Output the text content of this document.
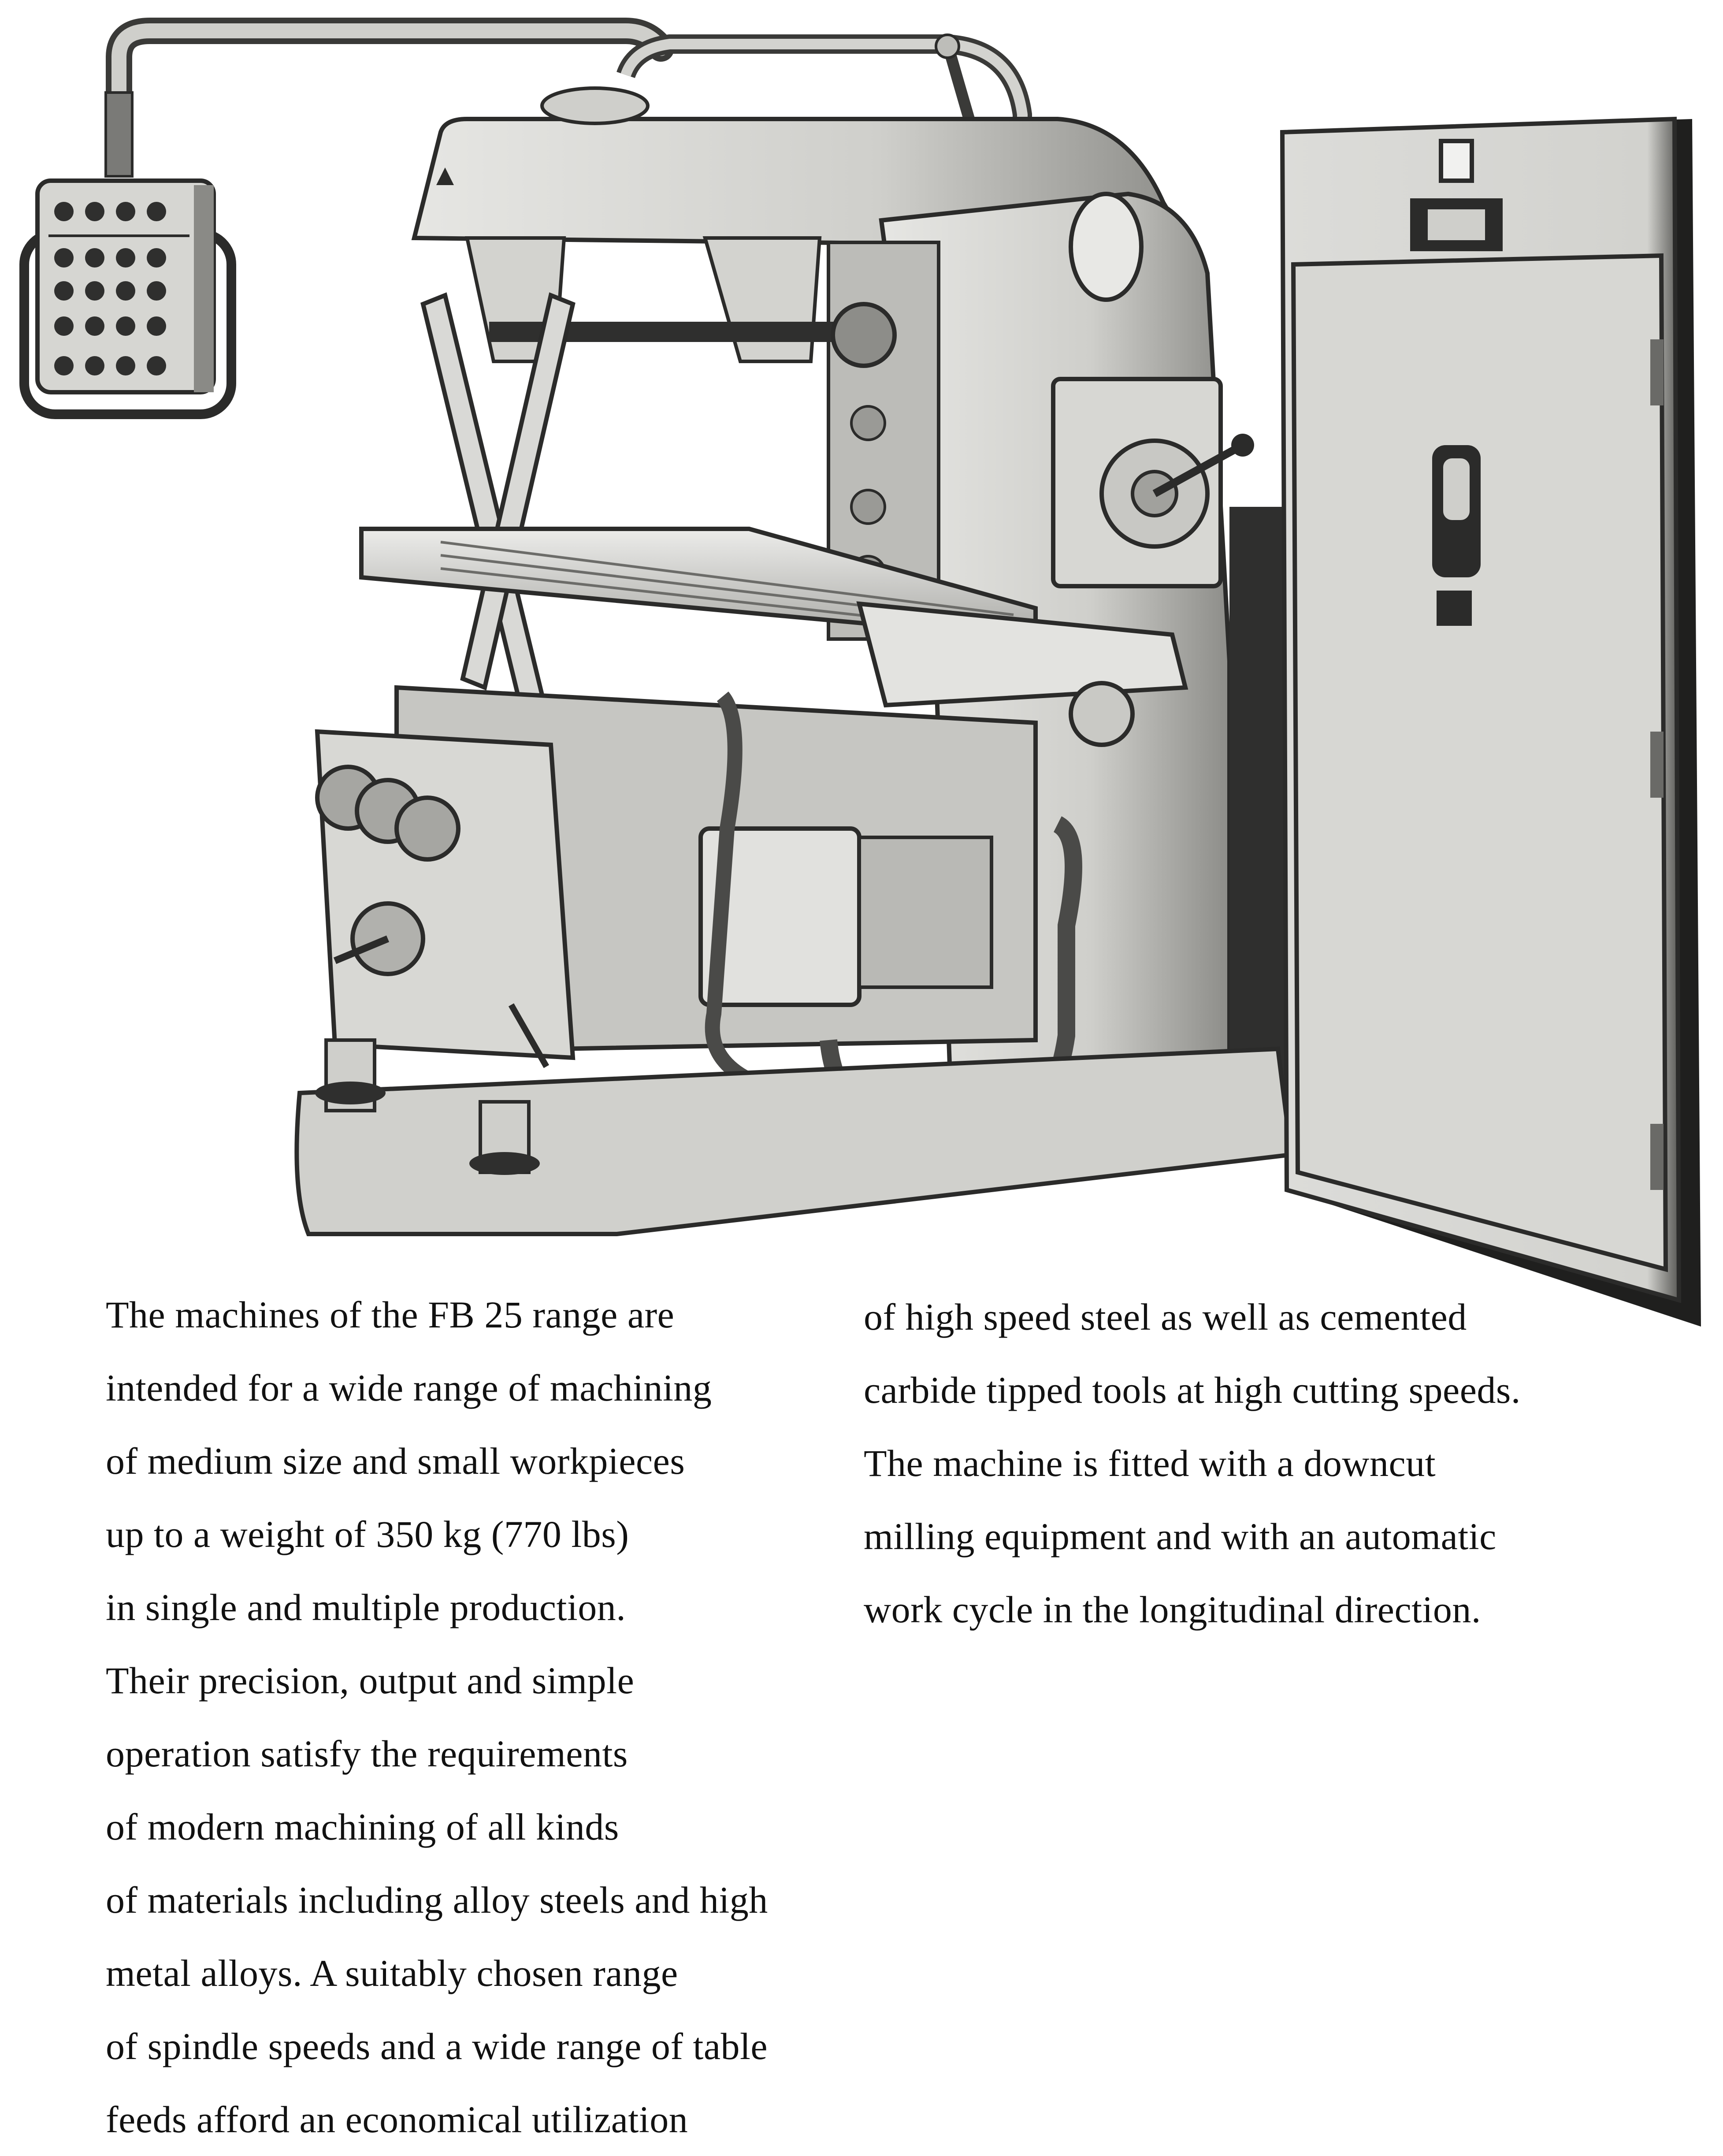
The machines of the FB 25 range are
intended for a wide range of machining
of medium size and small workpieces
up to a weight of 350 kg (770 lbs)
in single and multiple production.
Their precision, output and simple
operation satisfy the requirements
of modern machining of all kinds
of materials including alloy steels and high
metal alloys. A suitably chosen range
of spindle speeds and a wide range of table
feeds afford an economical utilization
of high speed steel as well as cemented
carbide tipped tools at high cutting speeds.
The machine is fitted with a downcut
milling equipment and with an automatic
work cycle in the longitudinal direction.
